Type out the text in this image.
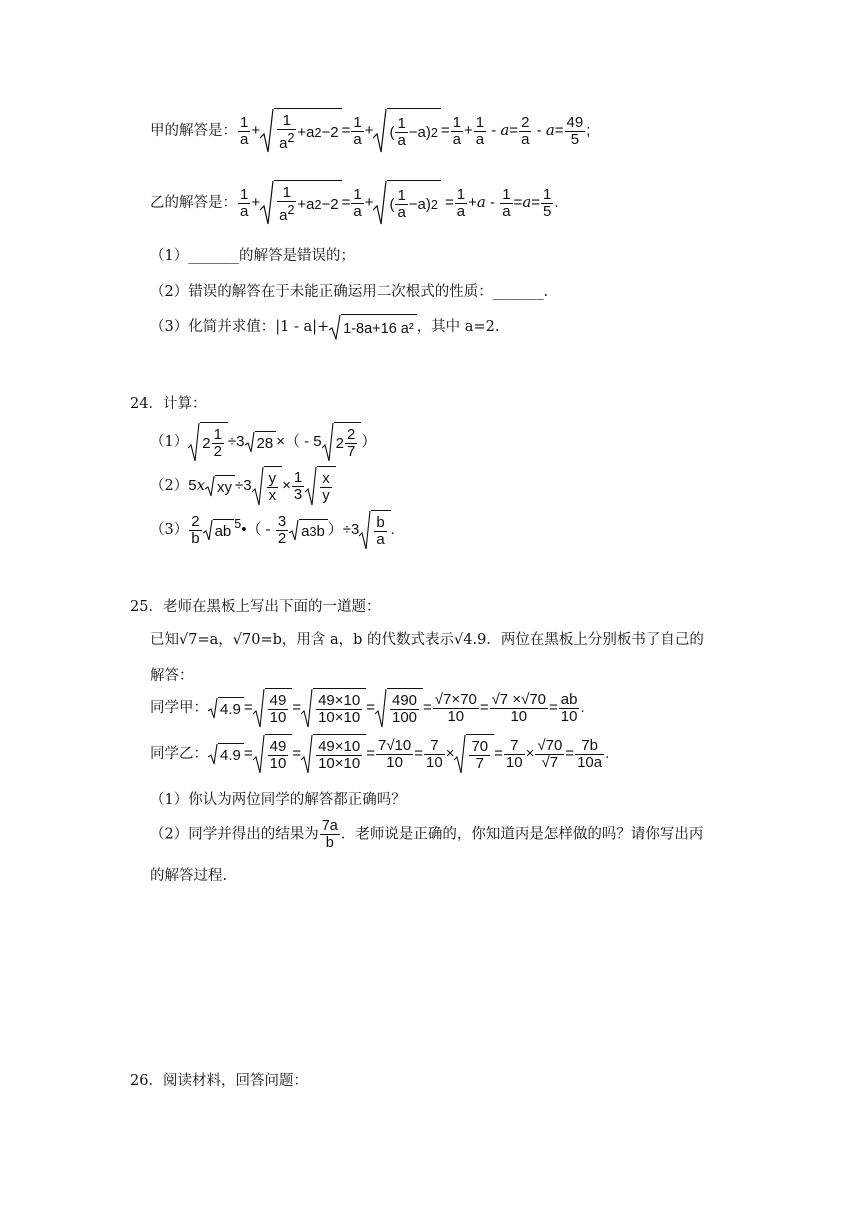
甲的解答是： $\frac{1}{a} + \frac{1}{a^2} +a$ $2 -2 = \frac{1}{a}$ + ( $\frac{1}{a} -a$) $2 = \frac{1}{a} + \frac{1}{a} - a= \frac{2}{a} - a= \frac{49}{5}$ ;
乙的解答是： $\frac{1}{a} + \frac{1}{a^2} +a$ $2 -2 = \frac{1}{a}$ + ( $\frac{1}{a} -a$) $2 = \frac{1}{a} +a - \frac{1}{a} =a= \frac{1}{5}$ .
（1）_______的解答是错误的；
（2）错误的解答在于未能正确运用二次根式的性质：_______.
（3）化简并求值：|1 - a|+ 1-8a+16 a² ，其中 a=2.
24．计算：
（1） $2 \frac{1}{2} \div 3$ 28 ×（ - 5 $2 \frac{2}{7}$ ）
（2）5x xy $\div 3 \frac{y}{x} \times \frac{1}{3} \frac{x}{y}$
$(3) \frac{2}{b}$ ab $^5$•（ - $\frac{3}{2}$ a 3 b ）$\div 3 \frac{b}{a}$ .
25．老师在黑板上写出下面的一道题：
已知√7=a，√70=b，用含 a，b 的代数式表示√4.9．两位在黑板上分别板书了自己的
解答：
同学甲： $4.9 = \frac{49}{10} = \frac{49\times 10}{10\times 10} = \frac{490}{100} = \frac{√7\times 70}{10} = \frac{√7 \times√70}{10} = \frac{ab}{10}$ .
同学乙： $4.9 = \frac{49}{10} = \frac{49\times 10}{10\times 10} = \frac{7√10}{10} = \frac{7}{10} \times \frac{70}{7} = \frac{7}{10} \times \frac{√70}{√7} = \frac{7b}{10a}$ .
（1）你认为两位同学的解答都正确吗？
（2）同学并得出的结果为 $\frac{7a}{b}$ ．老师说是正确的，你知道丙是怎样做的吗？请你写出丙
的解答过程.
26．阅读材料，回答问题：
